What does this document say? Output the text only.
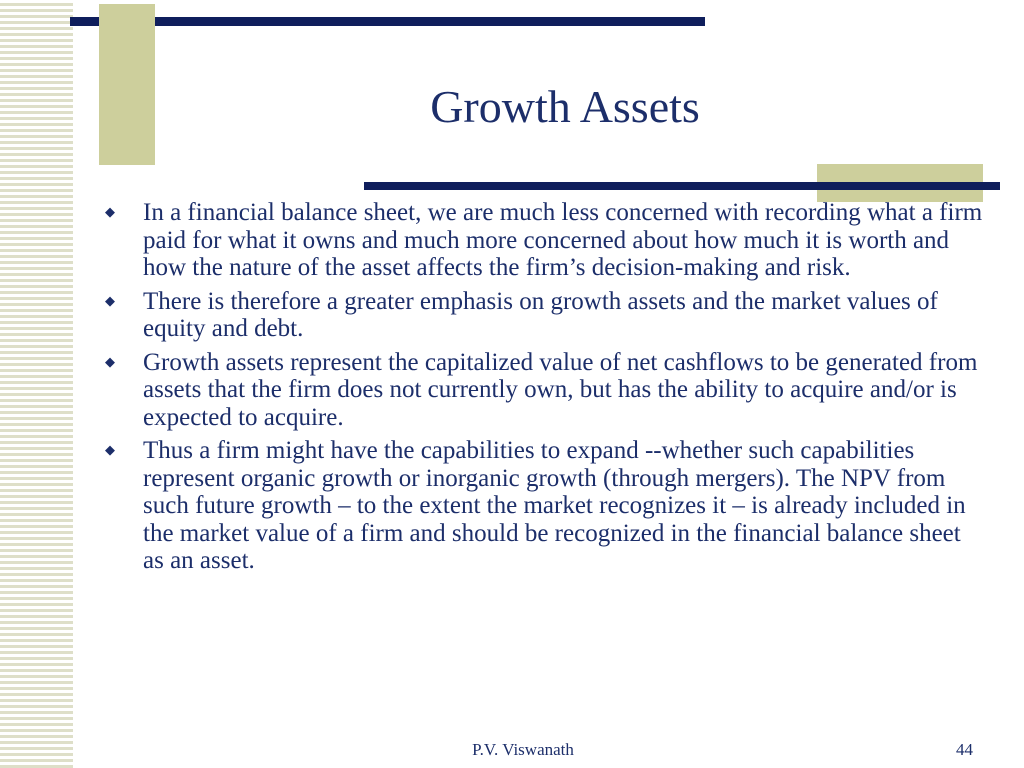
Growth Assets
◆ In a financial balance sheet, we are much less concerned with recording what a firm paid for what it owns and much more concerned about how much it is worth and how the nature of the asset affects the firm’s decision-making and risk.
◆ There is therefore a greater emphasis on growth assets and the market values of equity and debt.
◆ Growth assets represent the capitalized value of net cashflows to be generated from assets that the firm does not currently own, but has the ability to acquire and/or is expected to acquire.
◆ Thus a firm might have the capabilities to expand --whether such capabilities represent organic growth or inorganic growth (through mergers). The NPV from such future growth – to the extent the market recognizes it – is already included in the market value of a firm and should be recognized in the financial balance sheet as an asset.
P.V. Viswanath	44
